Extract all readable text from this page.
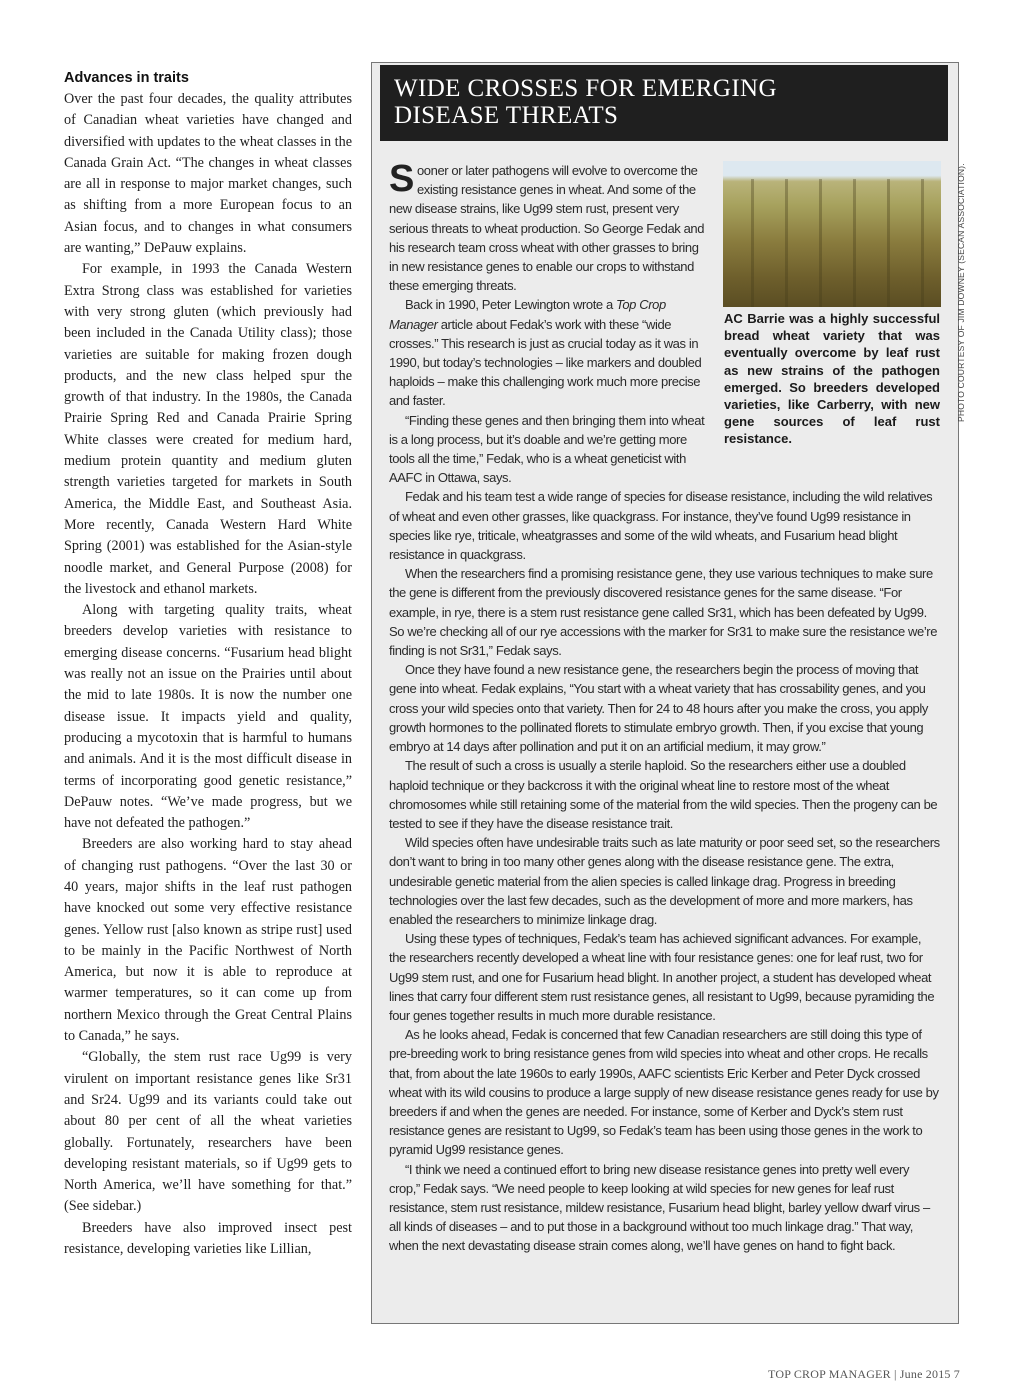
Advances in traits

Over the past four decades, the quality attributes of Canadian wheat varieties have changed and diversified with updates to the wheat classes in the Canada Grain Act. “The changes in wheat classes are all in response to major market changes, such as shifting from a more European focus to an Asian focus, and to changes in what consumers are wanting,” DePauw explains.

For example, in 1993 the Canada Western Extra Strong class was established for varieties with very strong gluten (which previously had been included in the Canada Utility class); those varieties are suitable for making frozen dough products, and the new class helped spur the growth of that industry. In the 1980s, the Canada Prairie Spring Red and Canada Prairie Spring White classes were created for medium hard, medium protein quantity and medium gluten strength varieties targeted for markets in South America, the Middle East, and Southeast Asia. More recently, Canada Western Hard White Spring (2001) was established for the Asian-style noodle market, and General Purpose (2008) for the livestock and ethanol markets.

Along with targeting quality traits, wheat breeders develop varieties with resistance to emerging disease concerns. “Fusarium head blight was really not an issue on the Prairies until about the mid to late 1980s. It is now the number one disease issue. It impacts yield and quality, producing a mycotoxin that is harmful to humans and animals. And it is the most difficult disease in terms of incorporating good genetic resistance,” DePauw notes. “We’ve made progress, but we have not defeated the pathogen.”

Breeders are also working hard to stay ahead of changing rust pathogens. “Over the last 30 or 40 years, major shifts in the leaf rust pathogen have knocked out some very effective resistance genes. Yellow rust [also known as stripe rust] used to be mainly in the Pacific Northwest of North America, but now it is able to reproduce at warmer temperatures, so it can come up from northern Mexico through the Great Central Plains to Canada,” he says.

“Globally, the stem rust race Ug99 is very virulent on important resistance genes like Sr31 and Sr24. Ug99 and its variants could take out about 80 per cent of all the wheat varieties globally. Fortunately, researchers have been developing resistant materials, so if Ug99 gets to North America, we’ll have something for that.” (See sidebar.)

Breeders have also improved insect pest resistance, developing varieties like Lillian,

WIDE CROSSES FOR EMERGING
DISEASE THREATS

Sooner or later pathogens will evolve to overcome the existing resistance genes in wheat. And some of the new disease strains, like Ug99 stem rust, present very serious threats to wheat production. So George Fedak and his research team cross wheat with other grasses to bring in new resistance genes to enable our crops to withstand these emerging threats.

Back in 1990, Peter Lewington wrote a Top Crop Manager article about Fedak’s work with these “wide crosses.” This research is just as crucial today as it was in 1990, but today’s technologies – like markers and doubled haploids – make this challenging work much more precise and faster.

“Finding these genes and then bringing them into wheat is a long process, but it’s doable and we’re getting more tools all the time,” Fedak, who is a wheat geneticist with AAFC in Ottawa, says.

Fedak and his team test a wide range of species for disease resistance, including the wild relatives of wheat and even other grasses, like quackgrass. For instance, they’ve found Ug99 resistance in species like rye, triticale, wheatgrasses and some of the wild wheats, and Fusarium head blight resistance in quackgrass.

When the researchers find a promising resistance gene, they use various techniques to make sure the gene is different from the previously discovered resistance genes for the same disease. “For example, in rye, there is a stem rust resistance gene called Sr31, which has been defeated by Ug99. So we’re checking all of our rye accessions with the marker for Sr31 to make sure the resistance we’re finding is not Sr31,” Fedak says.

Once they have found a new resistance gene, the researchers begin the process of moving that gene into wheat. Fedak explains, “You start with a wheat variety that has crossability genes, and you cross your wild species onto that variety. Then for 24 to 48 hours after you make the cross, you apply growth hormones to the pollinated florets to stimulate embryo growth. Then, if you excise that young embryo at 14 days after pollination and put it on an artificial medium, it may grow.”

The result of such a cross is usually a sterile haploid. So the researchers either use a doubled haploid technique or they backcross it with the original wheat line to restore most of the wheat chromosomes while still retaining some of the material from the wild species. Then the progeny can be tested to see if they have the disease resistance trait.

Wild species often have undesirable traits such as late maturity or poor seed set, so the researchers don’t want to bring in too many other genes along with the disease resistance gene. The extra, undesirable genetic material from the alien species is called linkage drag. Progress in breeding technologies over the last few decades, such as the development of more and more markers, has enabled the researchers to minimize linkage drag.

Using these types of techniques, Fedak’s team has achieved significant advances. For example, the researchers recently developed a wheat line with four resistance genes: one for leaf rust, two for Ug99 stem rust, and one for Fusarium head blight. In another project, a student has developed wheat lines that carry four different stem rust resistance genes, all resistant to Ug99, because pyramiding the four genes together results in much more durable resistance.

As he looks ahead, Fedak is concerned that few Canadian researchers are still doing this type of pre-breeding work to bring resistance genes from wild species into wheat and other crops. He recalls that, from about the late 1960s to early 1990s, AAFC scientists Eric Kerber and Peter Dyck crossed wheat with its wild cousins to produce a large supply of new disease resistance genes ready for use by breeders if and when the genes are needed. For instance, some of Kerber and Dyck’s stem rust resistance genes are resistant to Ug99, so Fedak’s team has been using those genes in the work to pyramid Ug99 resistance genes.

“I think we need a continued effort to bring new disease resistance genes into pretty well every crop,” Fedak says. “We need people to keep looking at wild species for new genes for leaf rust resistance, stem rust resistance, mildew resistance, Fusarium head blight, barley yellow dwarf virus – all kinds of diseases – and to put those in a background without too much linkage drag.” That way, when the next devastating disease strain comes along, we’ll have genes on hand to fight back.

AC Barrie was a highly successful bread wheat variety that was eventually overcome by leaf rust as new strains of the pathogen emerged. So breeders developed varieties, like Carberry, with new gene sources of leaf rust resistance.
PHOTO COURTESY OF JIM DOWNEY (SECAN ASSOCIATION).
TOP CROP MANAGER | June 2015 7
